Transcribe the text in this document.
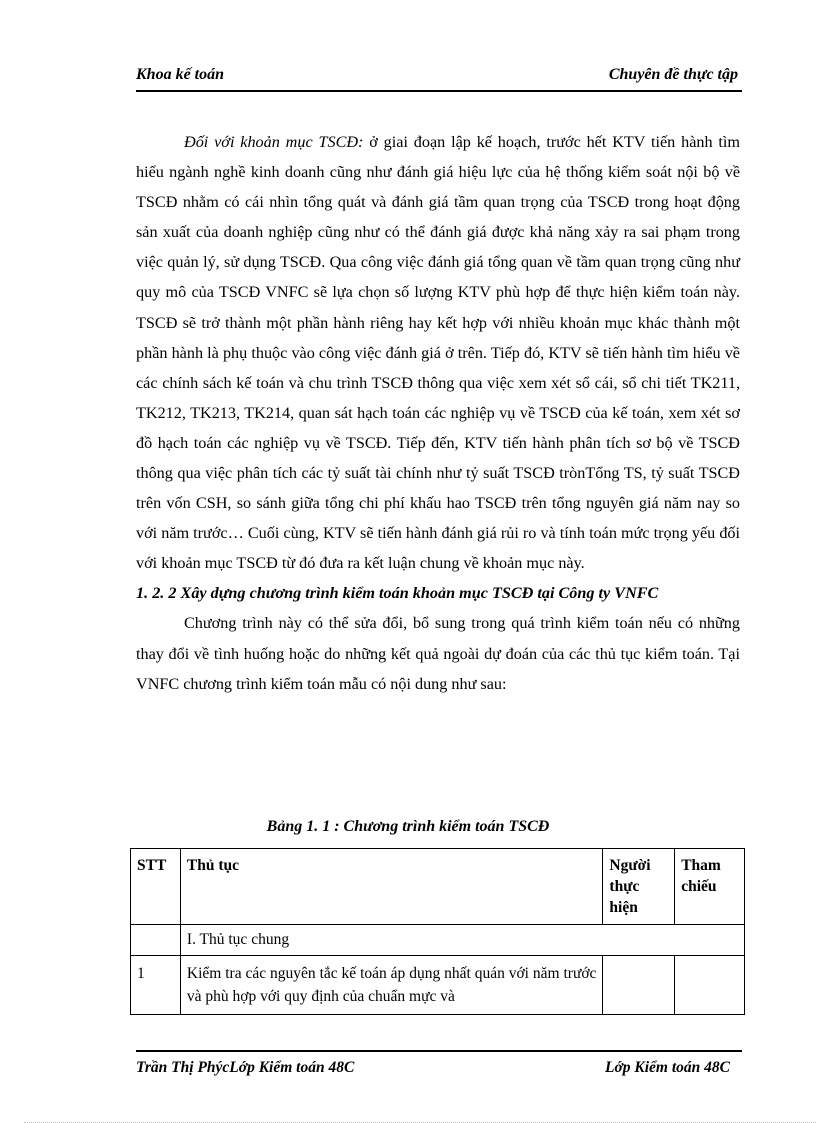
Khoa kế toán	Chuyên đề thực tập

Đối với khoản mục TSCĐ: ở giai đoạn lập kế hoạch, trước hết KTV tiến hành tìm hiểu ngành nghề kinh doanh cũng như đánh giá hiệu lực của hệ thống kiểm soát nội bộ về TSCĐ nhằm có cái nhìn tổng quát và đánh giá tầm quan trọng của TSCĐ trong hoạt động sản xuất của doanh nghiệp cũng như có thể đánh giá được khả năng xảy ra sai phạm trong việc quản lý, sử dụng TSCĐ. Qua công việc đánh giá tổng quan về tầm quan trọng cũng như quy mô của TSCĐ VNFC sẽ lựa chọn số lượng KTV phù hợp để thực hiện kiểm toán này. TSCĐ sẽ trở thành một phần hành riêng hay kết hợp với nhiều khoản mục khác thành một phần hành là phụ thuộc vào công việc đánh giá ở trên. Tiếp đó, KTV sẽ tiến hành tìm hiểu về các chính sách kế toán và chu trình TSCĐ thông qua việc xem xét sổ cái, sổ chi tiết TK211, TK212, TK213, TK214, quan sát hạch toán các nghiệp vụ về TSCĐ của kế toán, xem xét sơ đồ hạch toán các nghiệp vụ về TSCĐ. Tiếp đến, KTV tiến hành phân tích sơ bộ về TSCĐ thông qua việc phân tích các tỷ suất tài chính như tỷ suất TSCĐ trònTổng TS, tỷ suất TSCĐ trên vốn CSH, so sánh giữa tổng chi phí khấu hao TSCĐ trên tổng nguyên giá năm nay so với năm trước… Cuối cùng, KTV sẽ tiến hành đánh giá rủi ro và tính toán mức trọng yếu đối với khoản mục TSCĐ từ đó đưa ra kết luận chung về khoản mục này.

1. 2. 2 Xây dựng chương trình kiểm toán khoản mục TSCĐ tại Công ty VNFC

Chương trình này có thể sửa đổi, bổ sung trong quá trình kiểm toán nếu có những thay đổi về tình huống hoặc do những kết quả ngoài dự đoán của các thủ tục kiểm toán. Tại VNFC chương trình kiểm toán mẫu có nội dung như sau:

Bảng 1. 1 : Chương trình kiểm toán TSCĐ
STT	Thủ tục	Người thực hiện	Tham chiếu
	I. Thủ tục chung		
1	Kiểm tra các nguyên tắc kế toán áp dụng nhất quán với năm trước và phù hợp với quy định của chuẩn mực và		
Trần Thị PhýcLớp Kiểm toán 48C	Lớp Kiểm toán 48C
